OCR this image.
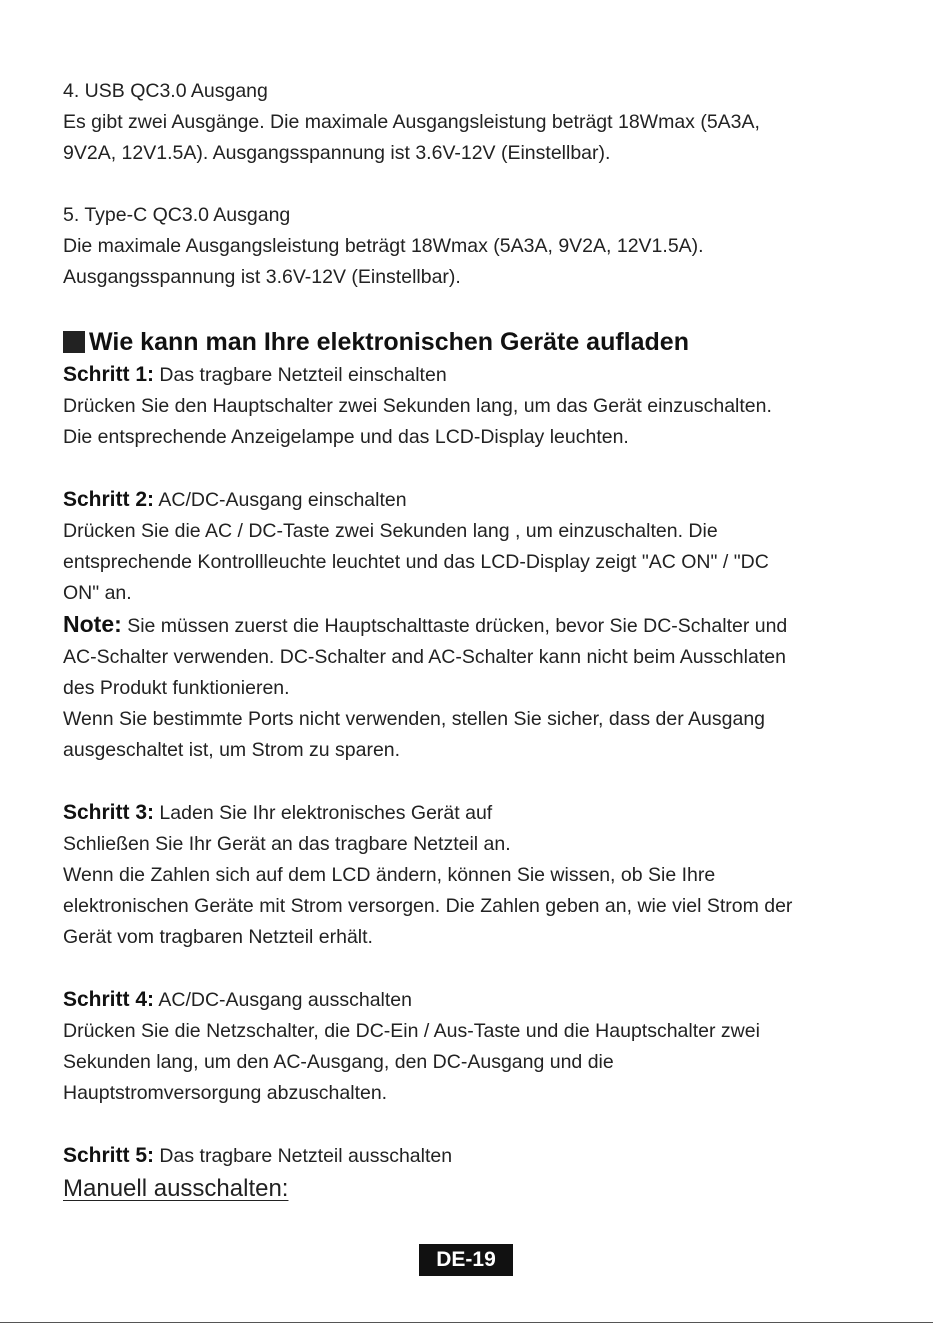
4. USB QC3.0 Ausgang

Es gibt zwei Ausgänge. Die maximale Ausgangsleistung beträgt 18Wmax (5A3A,

9V2A, 12V1.5A). Ausgangsspannung ist 3.6V-12V (Einstellbar).

5. Type-C QC3.0 Ausgang

Die maximale Ausgangsleistung beträgt 18Wmax (5A3A, 9V2A, 12V1.5A).

Ausgangsspannung ist 3.6V-12V (Einstellbar).

Wie kann man Ihre elektronischen Geräte aufladen

Schritt 1: Das tragbare Netzteil einschalten

Drücken Sie den Hauptschalter zwei Sekunden lang, um das Gerät einzuschalten.

Die entsprechende Anzeigelampe und das LCD-Display leuchten.

Schritt 2: AC/DC-Ausgang einschalten

Drücken Sie die AC / DC-Taste zwei Sekunden lang , um einzuschalten. Die

entsprechende Kontrollleuchte leuchtet und das LCD-Display zeigt "AC ON" / "DC

ON" an.

Note: Sie müssen zuerst die Hauptschalttaste drücken, bevor Sie DC-Schalter und

AC-Schalter verwenden. DC-Schalter and AC-Schalter kann nicht beim Ausschlaten

des Produkt funktionieren.

Wenn Sie bestimmte Ports nicht verwenden, stellen Sie sicher, dass der Ausgang

ausgeschaltet ist, um Strom zu sparen.

Schritt 3: Laden Sie Ihr elektronisches Gerät auf

Schließen Sie Ihr Gerät an das tragbare Netzteil an.

Wenn die Zahlen sich auf dem LCD ändern, können Sie wissen, ob Sie Ihre

elektronischen Geräte mit Strom versorgen. Die Zahlen geben an, wie viel Strom der

Gerät vom tragbaren Netzteil erhält.

Schritt 4: AC/DC-Ausgang ausschalten

Drücken Sie die Netzschalter, die DC-Ein / Aus-Taste und die Hauptschalter zwei

Sekunden lang, um den AC-Ausgang, den DC-Ausgang und die

Hauptstromversorgung abzuschalten.

Schritt 5: Das tragbare Netzteil ausschalten

Manuell ausschalten:

DE-19
